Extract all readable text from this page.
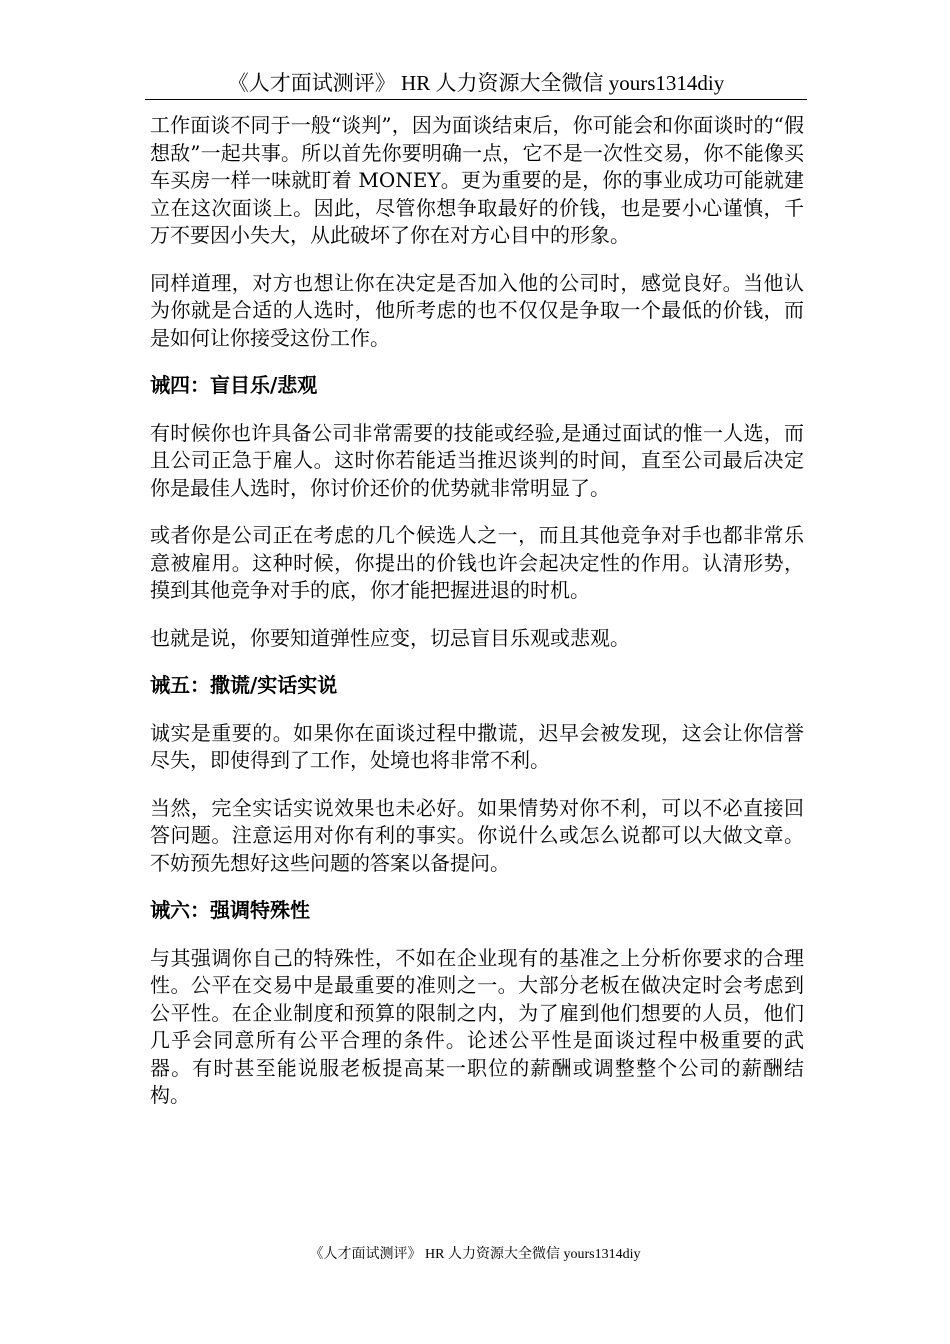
《人才面试测评》 HR 人力资源大全微信 yours1314diy

工作面谈不同于一般“谈判”，因为面谈结束后，你可能会和你面谈时的“假想敌”一起共事。所以首先你要明确一点，它不是一次性交易，你不能像买车买房一样一味就盯着 MONEY。更为重要的是，你的事业成功可能就建立在这次面谈上。因此，尽管你想争取最好的价钱，也是要小心谨慎，千万不要因小失大，从此破坏了你在对方心目中的形象。

同样道理，对方也想让你在决定是否加入他的公司时，感觉良好。当他认为你就是合适的人选时，他所考虑的也不仅仅是争取一个最低的价钱，而是如何让你接受这份工作。

诫四：盲目乐/悲观

有时候你也许具备公司非常需要的技能或经验,是通过面试的惟一人选，而且公司正急于雇人。这时你若能适当推迟谈判的时间，直至公司最后决定你是最佳人选时，你讨价还价的优势就非常明显了。

或者你是公司正在考虑的几个候选人之一，而且其他竞争对手也都非常乐意被雇用。这种时候，你提出的价钱也许会起决定性的作用。认清形势，摸到其他竞争对手的底，你才能把握进退的时机。

也就是说，你要知道弹性应变，切忌盲目乐观或悲观。

诫五：撒谎/实话实说

诚实是重要的。如果你在面谈过程中撒谎，迟早会被发现，这会让你信誉尽失，即使得到了工作，处境也将非常不利。

当然，完全实话实说效果也未必好。如果情势对你不利，可以不必直接回答问题。注意运用对你有利的事实。你说什么或怎么说都可以大做文章。不妨预先想好这些问题的答案以备提问。

诫六：强调特殊性

与其强调你自己的特殊性，不如在企业现有的基准之上分析你要求的合理性。公平在交易中是最重要的准则之一。大部分老板在做决定时会考虑到公平性。在企业制度和预算的限制之内，为了雇到他们想要的人员，他们几乎会同意所有公平合理的条件。论述公平性是面谈过程中极重要的武器。有时甚至能说服老板提高某一职位的薪酬或调整整个公司的薪酬结构。

《人才面试测评》 HR 人力资源大全微信 yours1314diy
